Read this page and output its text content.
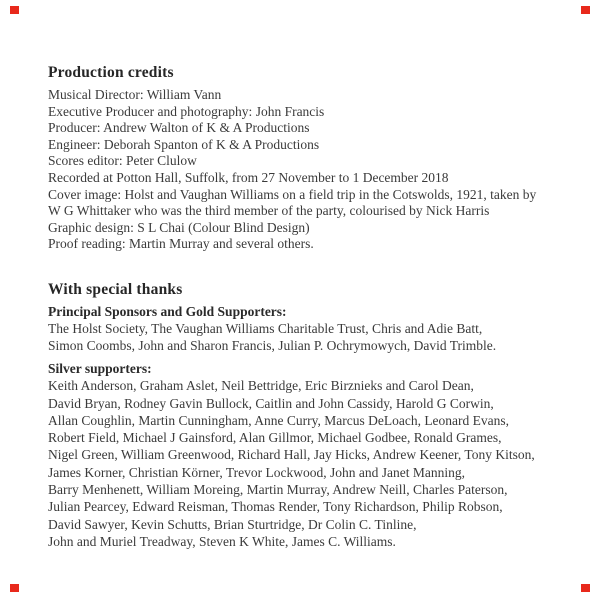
Production credits
Musical Director: William Vann
Executive Producer and photography: John Francis
Producer: Andrew Walton of K & A Productions
Engineer: Deborah Spanton of K & A Productions
Scores editor: Peter Clulow
Recorded at Potton Hall, Suffolk, from 27 November to 1 December 2018
Cover image: Holst and Vaughan Williams on a field trip in the Cotswolds, 1921, taken by
W G Whittaker who was the third member of the party, colourised by Nick Harris
Graphic design: S L Chai (Colour Blind Design)
Proof reading: Martin Murray and several others.
With special thanks
Principal Sponsors and Gold Supporters:
The Holst Society, The Vaughan Williams Charitable Trust, Chris and Adie Batt,
Simon Coombs, John and Sharon Francis, Julian P. Ochrymowych, David Trimble.
Silver supporters:
Keith Anderson, Graham Aslet, Neil Bettridge, Eric Birznieks and Carol Dean,
David Bryan, Rodney Gavin Bullock, Caitlin and John Cassidy, Harold G Corwin,
Allan Coughlin, Martin Cunningham, Anne Curry, Marcus DeLoach, Leonard Evans,
Robert Field, Michael J Gainsford, Alan Gillmor, Michael Godbee, Ronald Grames,
Nigel Green, William Greenwood, Richard Hall, Jay Hicks, Andrew Keener, Tony Kitson,
James Korner, Christian Körner, Trevor Lockwood, John and Janet Manning,
Barry Menhenett, William Moreing, Martin Murray, Andrew Neill, Charles Paterson,
Julian Pearcey, Edward Reisman, Thomas Render, Tony Richardson, Philip Robson,
David Sawyer, Kevin Schutts, Brian Sturtridge, Dr Colin C. Tinline,
John and Muriel Treadway, Steven K White, James C. Williams.
